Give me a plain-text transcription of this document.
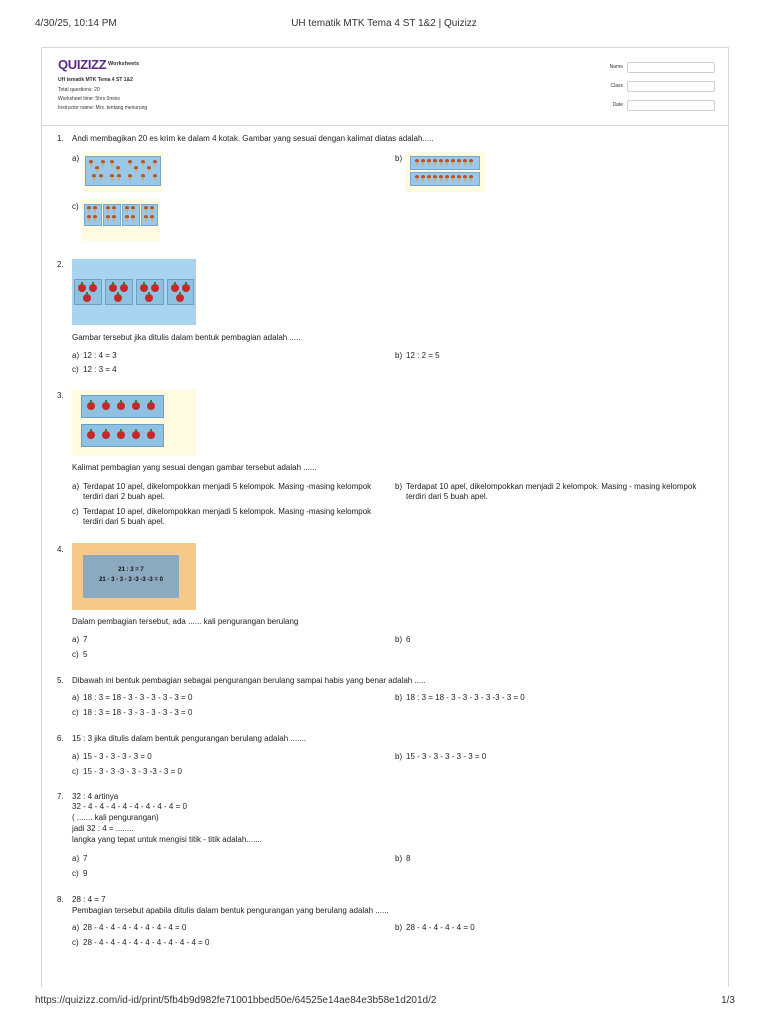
4/30/25, 10:14 PM	UH tematik MTK Tema 4 ST 1&2 | Quizizz
QUIZIZZ Worksheets
UH tematik MTK Tema 4 ST 1&2
Total questions: 20
Worksheet time: 5hrs 0mins
Instructor name: Mrs. tentang menurung
Name
Class
Date
1. Andi membagikan 20 es krim ke dalam 4 kotak. Gambar yang sesuai dengan kalimat diatas adalah.....
a)	b)
c)
2.
Gambar tersebut jika ditulis dalam bentuk pembagian adalah .....
a) 12 : 4 = 3	b) 12 : 2 = 5
c) 12 : 3 = 4
3.
Kalimat pembagian yang sesuai dengan gambar tersebut adalah ......
a) Terdapat 10 apel, dikelompokkan menjadi 5 kelompok. Masing -masing kelompok
terdiri dari 2 buah apel.
b) Terdapat 10 apel, dikelompokkan menjadi 2 kelompok. Masing - masing kelompok
terdiri dari 5 buah apel.
c) Terdapat 10 apel, dikelompokkan menjadi 5 kelompok. Masing -masing kelompok
terdiri dari 5 buah apel.
4.
21 : 3 = 7
21 - 3 - 3 - 3 -3 -3 -3 = 0
Dalam pembagian tersebut, ada ...... kali pengurangan berulang
a) 7	b) 6
c) 5
5. Dibawah ini bentuk pembagian sebagai pengurangan berulang sampai habis yang benar adalah .....
a) 18 : 3 = 18 - 3 - 3 - 3 - 3 - 3 = 0	b) 18 : 3 = 18 - 3 - 3 - 3 - 3 -3 - 3 = 0
c) 18 : 3 = 18 - 3 - 3 - 3 - 3 - 3 = 0
6. 15 : 3 jika ditulis dalam bentuk pengurangan berulang adalah .......
a) 15 - 3 - 3 - 3 - 3 = 0	b) 15 - 3 - 3 - 3 - 3 - 3 = 0
c) 15 - 3 - 3 -3 - 3 - 3 -3 - 3 = 0
7. 32 : 4 artinya
32 - 4 - 4 - 4 - 4 - 4 - 4 - 4 - 4 = 0
( ....... kali pengurangan)
jadi 32 : 4 = ........
langka yang tepat untuk mengisi titik - titik adalah.......
a) 7	b) 8
c) 9
8. 28 : 4 = 7
Pembagian tersebut apabila ditulis dalam bentuk pengurangan yang berulang adalah ......
a) 28 - 4 - 4 - 4 - 4 - 4 - 4 - 4 = 0	b) 28 - 4 - 4 - 4 - 4 = 0
c) 28 - 4 - 4 - 4 - 4 - 4 - 4 - 4 - 4 - 4 = 0
https://quizizz.com/id-id/print/5fb4b9d982fe71001bbed50e/64525e14ae84e3b58e1d201d/2	1/3
